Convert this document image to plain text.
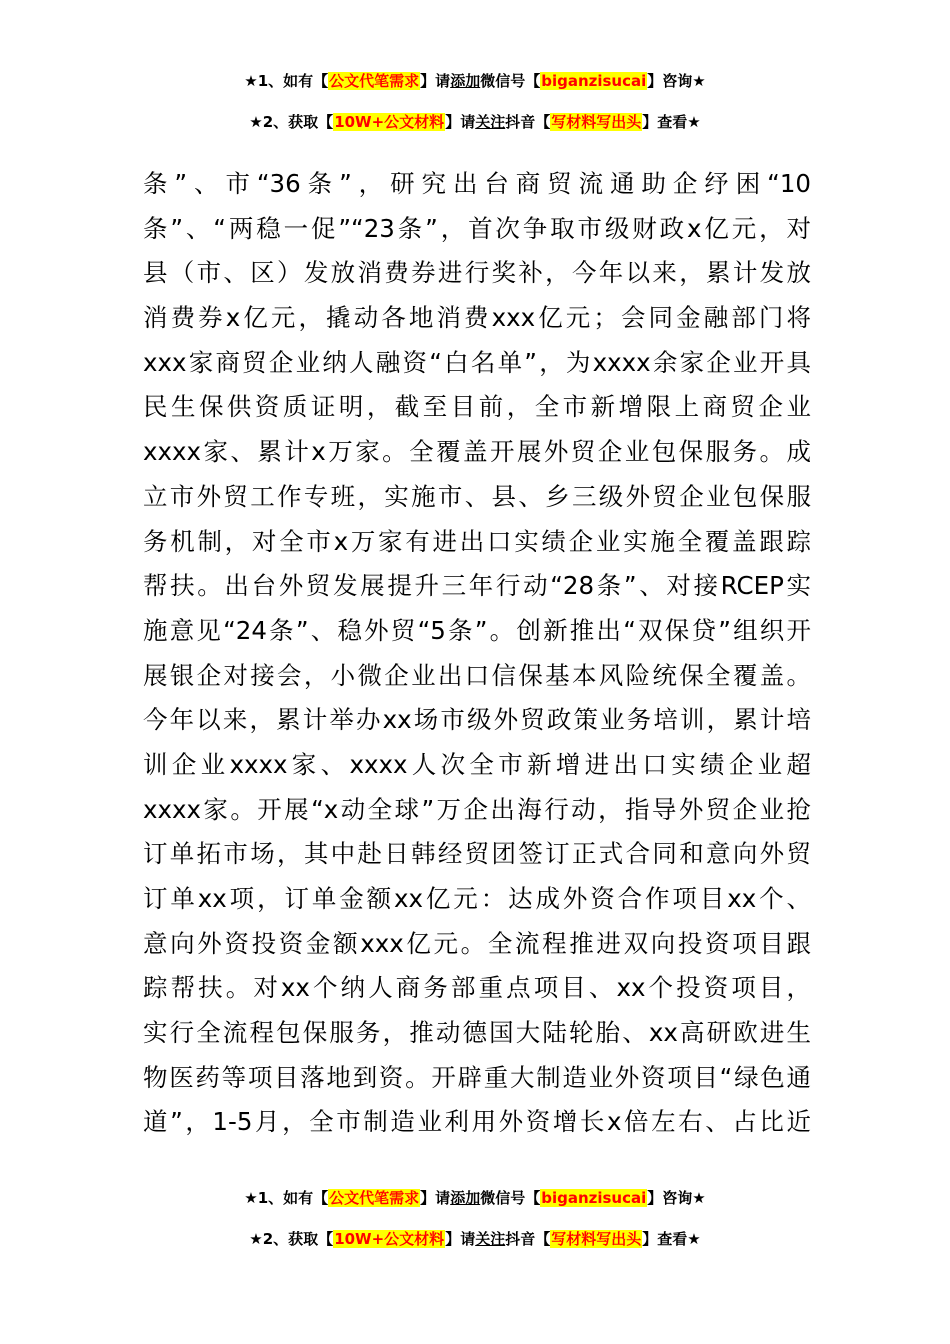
★1、如有【公文代笔需求】请添加微信号【biganzisucai】咨询★
★2、获取【10W+公文材料】请关注抖音【写材料写出头】查看★
条”、市“36条”，研究出台商贸流通助企纾困“10
条”、“两稳一促”“23条”，首次争取市级财政x亿元，对
县（市、区）发放消费券进行奖补，今年以来，累计发放
消费券x亿元，撬动各地消费xxx亿元；会同金融部门将
xxx家商贸企业纳人融资“白名单”，为xxxx余家企业开具
民生保供资质证明，截至目前，全市新增限上商贸企业
xxxx家、累计x万家。全覆盖开展外贸企业包保服务。成
立市外贸工作专班，实施市、县、乡三级外贸企业包保服
务机制，对全市x万家有进出口实绩企业实施全覆盖跟踪
帮扶。出台外贸发展提升三年行动“28条”、对接RCEP实
施意见“24条”、稳外贸“5条”。创新推出“双保贷”组织开
展银企对接会，小微企业出口信保基本风险统保全覆盖。
今年以来，累计举办xx场市级外贸政策业务培训，累计培
训企业xxxx家、xxxx人次全市新增进出口实绩企业超
xxxx家。开展“x动全球”万企出海行动，指导外贸企业抢
订单拓市场，其中赴日韩经贸团签订正式合同和意向外贸
订单xx项，订单金额xx亿元：达成外资合作项目xx个、
意向外资投资金额xxx亿元。全流程推进双向投资项目跟
踪帮扶。对xx个纳人商务部重点项目、xx个投资项目，
实行全流程包保服务，推动德国大陆轮胎、xx高研欧进生
物医药等项目落地到资。开辟重大制造业外资项目“绿色通
道”，1-5月，全市制造业利用外资增长x倍左右、占比近
★1、如有【公文代笔需求】请添加微信号【biganzisucai】咨询★
★2、获取【10W+公文材料】请关注抖音【写材料写出头】查看★
